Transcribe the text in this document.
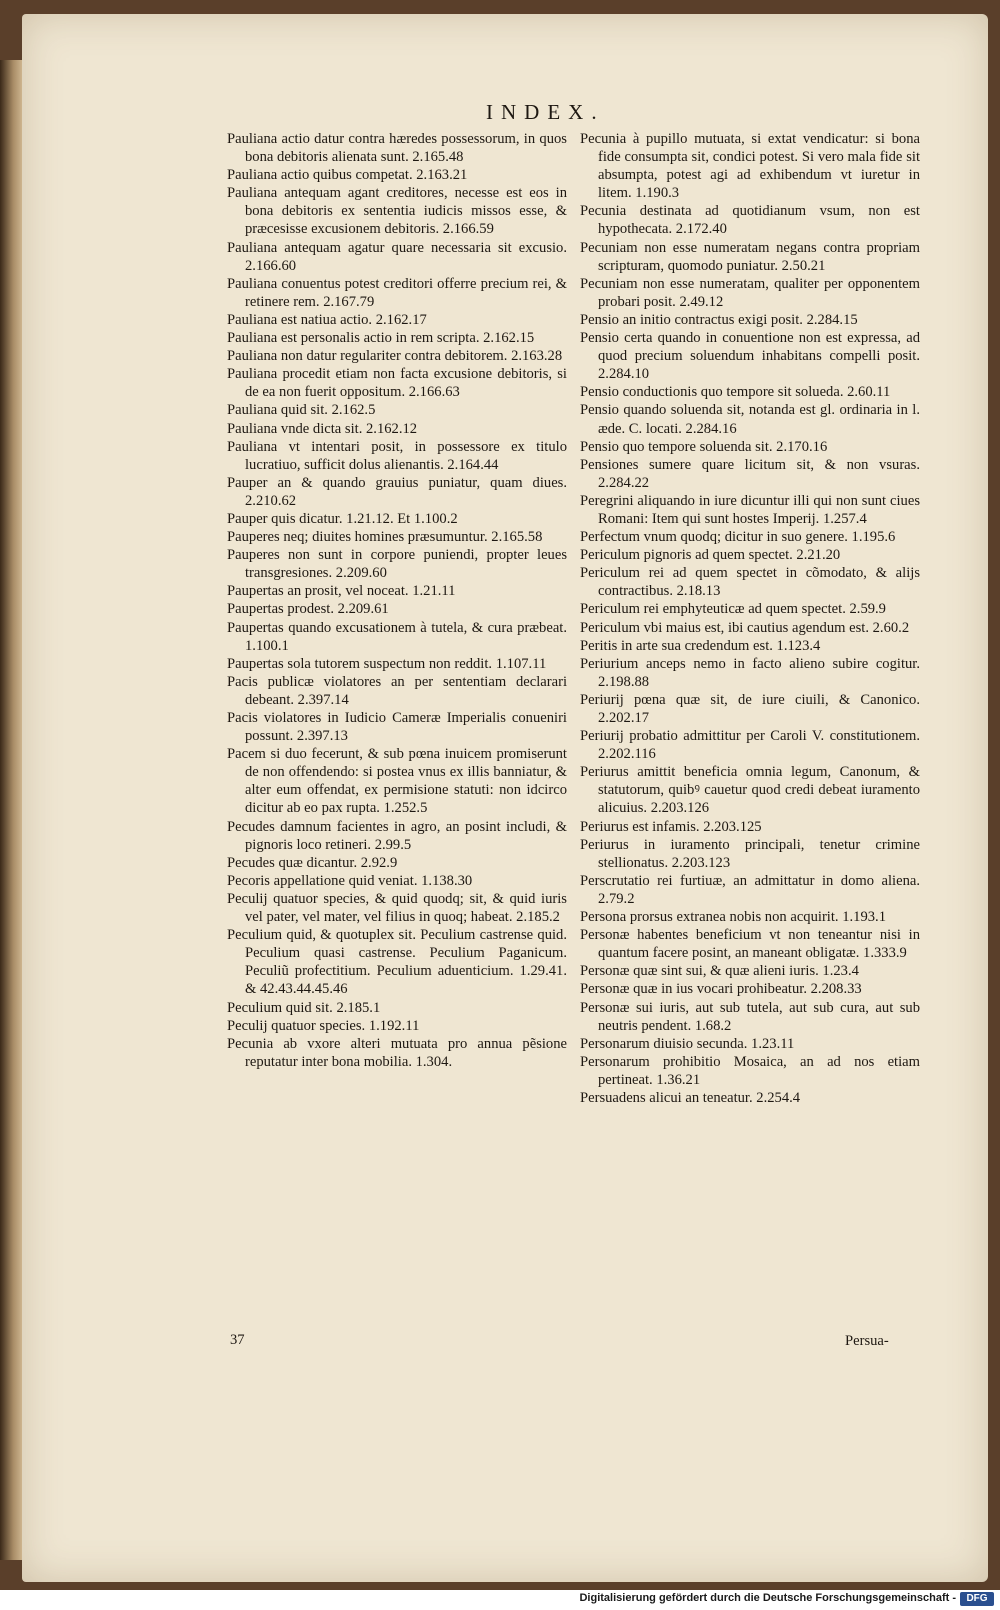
INDEX.
Pauliana actio datur contra hæredes possessorum, in quos bona debitoris alienata sunt. 2.165.48
Pauliana actio quibus competat. 2.163.21
Pauliana antequam agant creditores, necesse est eos in bona debitoris ex sententia iudicis missos esse, & præcesisse excusionem debitoris. 2.166.59
Pauliana antequam agatur quare necessaria sit excusio. 2.166.60
Pauliana conuentus potest creditori offerre precium rei, & retinere rem. 2.167.79
Pauliana est natiua actio. 2.162.17
Pauliana est personalis actio in rem scripta. 2.162.15
Pauliana non datur regulariter contra debitorem. 2.163.28
Pauliana procedit etiam non facta excusione debitoris, si de ea non fuerit oppositum. 2.166.63
Pauliana quid sit. 2.162.5
Pauliana vnde dicta sit. 2.162.12
Pauliana vt intentari posit, in possessore ex titulo lucratiuo, sufficit dolus alienantis. 2.164.44
Pauper an & quando grauius puniatur, quam diues. 2.210.62
Pauper quis dicatur. 1.21.12. Et 1.100.2
Pauperes neq; diuites homines præsumuntur. 2.165.58
Pauperes non sunt in corpore puniendi, propter leues transgresiones. 2.209.60
Paupertas an prosit, vel noceat. 1.21.11
Paupertas prodest. 2.209.61
Paupertas quando excusationem à tutela, & cura præbeat. 1.100.1
Paupertas sola tutorem suspectum non reddit. 1.107.11
Pacis publicæ violatores an per sententiam declarari debeant. 2.397.14
Pacis violatores in Iudicio Cameræ Imperialis conueniri possunt. 2.397.13
Pacem si duo fecerunt, & sub pœna inuicem promiserunt de non offendendo: si postea vnus ex illis banniatur, & alter eum offendat, ex permisione statuti: non idcirco dicitur ab eo pax rupta. 1.252.5
Pecudes damnum facientes in agro, an posint includi, & pignoris loco retineri. 2.99.5
Pecudes quæ dicantur. 2.92.9
Pecoris appellatione quid veniat. 1.138.30
Peculij quatuor species, & quid quodq; sit, & quid iuris vel pater, vel mater, vel filius in quoq; habeat. 2.185.2
Peculium quid, & quotuplex sit. Peculium castrense quid. Peculium quasi castrense. Peculium Paganicum. Peculiũ profectitium. Peculium aduenticium. 1.29.41. & 42.43.44.45.46
Peculium quid sit. 2.185.1
Peculij quatuor species. 1.192.11
Pecunia ab vxore alteri mutuata pro annua pẽsione reputatur inter bona mobilia. 1.304.
Pecunia à pupillo mutuata, si extat vendicatur: si bona fide consumpta sit, condici potest. Si vero mala fide sit absumpta, potest agi ad exhibendum vt iuretur in litem. 1.190.3
Pecunia destinata ad quotidianum vsum, non est hypothecata. 2.172.40
Pecuniam non esse numeratam negans contra propriam scripturam, quomodo puniatur. 2.50.21
Pecuniam non esse numeratam, qualiter per opponentem probari posit. 2.49.12
Pensio an initio contractus exigi posit. 2.284.15
Pensio certa quando in conuentione non est expressa, ad quod precium soluendum inhabitans compelli posit. 2.284.10
Pensio conductionis quo tempore sit solueda. 2.60.11
Pensio quando soluenda sit, notanda est gl. ordinaria in l. æde. C. locati. 2.284.16
Pensio quo tempore soluenda sit. 2.170.16
Pensiones sumere quare licitum sit, & non vsuras. 2.284.22
Peregrini aliquando in iure dicuntur illi qui non sunt ciues Romani: Item qui sunt hostes Imperij. 1.257.4
Perfectum vnum quodq; dicitur in suo genere. 1.195.6
Periculum pignoris ad quem spectet. 2.21.20
Periculum rei ad quem spectet in cõmodato, & alijs contractibus. 2.18.13
Periculum rei emphyteuticæ ad quem spectet. 2.59.9
Periculum vbi maius est, ibi cautius agendum est. 2.60.2
Peritis in arte sua credendum est. 1.123.4
Periurium anceps nemo in facto alieno subire cogitur. 2.198.88
Periurij pœna quæ sit, de iure ciuili, & Canonico. 2.202.17
Periurij probatio admittitur per Caroli V. constitutionem. 2.202.116
Periurus amittit beneficia omnia legum, Canonum, & statutorum, quibꝰ cauetur quod credi debeat iuramento alicuius. 2.203.126
Periurus est infamis. 2.203.125
Periurus in iuramento principali, tenetur crimine stellionatus. 2.203.123
Perscrutatio rei furtiuæ, an admittatur in domo aliena. 2.79.2
Persona prorsus extranea nobis non acquirit. 1.193.1
Personæ habentes beneficium vt non teneantur nisi in quantum facere posint, an maneant obligatæ. 1.333.9
Personæ quæ sint sui, & quæ alieni iuris. 1.23.4
Personæ quæ in ius vocari prohibeatur. 2.208.33
Personæ sui iuris, aut sub tutela, aut sub cura, aut sub neutris pendent. 1.68.2
Personarum diuisio secunda. 1.23.11
Personarum prohibitio Mosaica, an ad nos etiam pertineat. 1.36.21
Persuadens alicui an teneatur. 2.254.4
37	Persua-
Digitalisierung gefördert durch die Deutsche Forschungsgemeinschaft -	DFG
